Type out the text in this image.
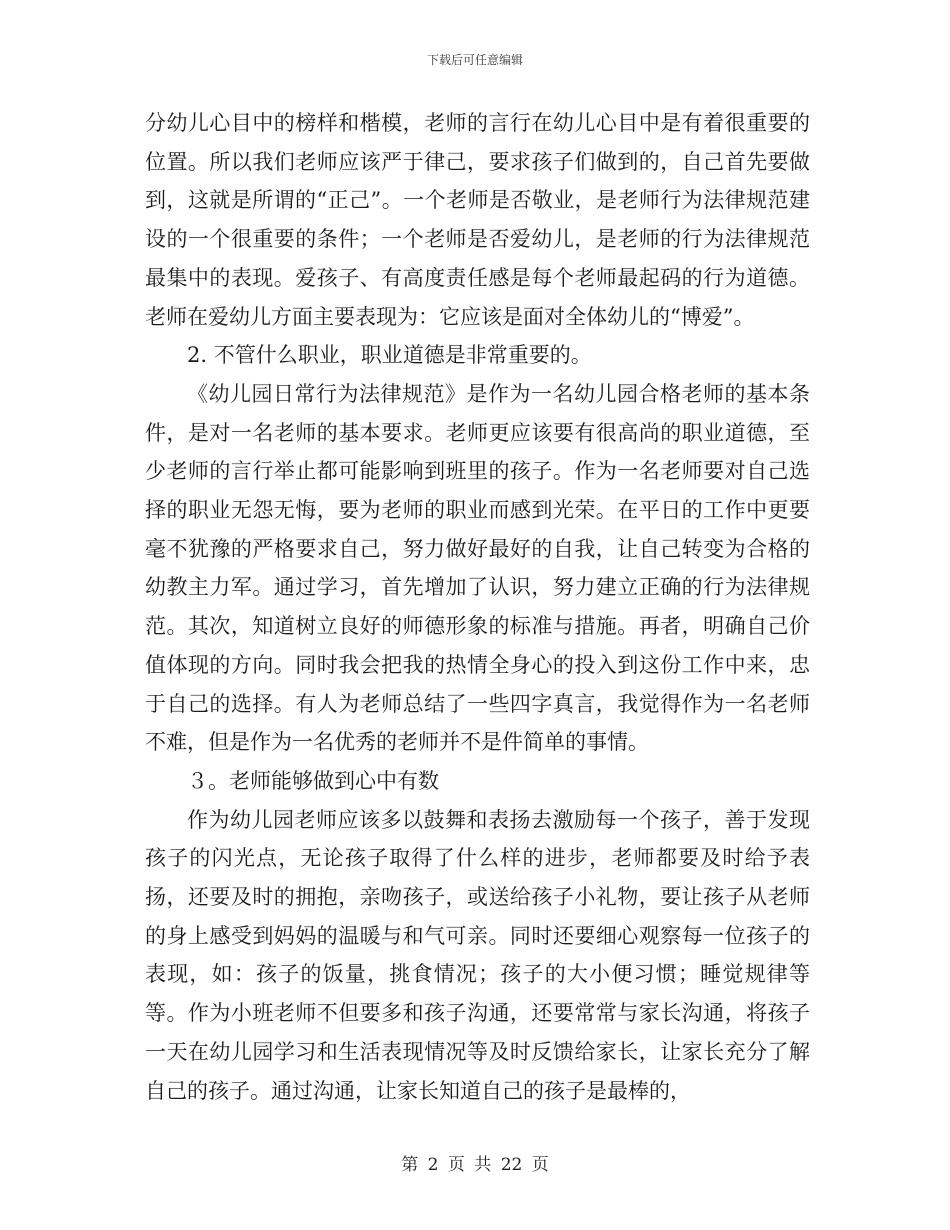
下载后可任意编辑

分幼儿心目中的榜样和楷模，老师的言行在幼儿心目中是有着很重要的位置。所以我们老师应该严于律己，要求孩子们做到的，自己首先要做到，这就是所谓的“正己”。一个老师是否敬业，是老师行为法律规范建设的一个很重要的条件；一个老师是否爱幼儿，是老师的行为法律规范最集中的表现。爱孩子、有高度责任感是每个老师最起码的行为道德。老师在爱幼儿方面主要表现为：它应该是面对全体幼儿的“博爱”。

2. 不管什么职业，职业道德是非常重要的。

《幼儿园日常行为法律规范》是作为一名幼儿园合格老师的基本条件，是对一名老师的基本要求。老师更应该要有很高尚的职业道德，至少老师的言行举止都可能影响到班里的孩子。作为一名老师要对自己选择的职业无怨无悔，要为老师的职业而感到光荣。在平日的工作中更要毫不犹豫的严格要求自己，努力做好最好的自我，让自己转变为合格的幼教主力军。通过学习，首先增加了认识，努力建立正确的行为法律规范。其次，知道树立良好的师德形象的标准与措施。再者，明确自己价值体现的方向。同时我会把我的热情全身心的投入到这份工作中来，忠于自己的选择。有人为老师总结了一些四字真言，我觉得作为一名老师不难，但是作为一名优秀的老师并不是件简单的事情。

３。老师能够做到心中有数

作为幼儿园老师应该多以鼓舞和表扬去激励每一个孩子，善于发现孩子的闪光点，无论孩子取得了什么样的进步，老师都要及时给予表扬，还要及时的拥抱，亲吻孩子，或送给孩子小礼物，要让孩子从老师的身上感受到妈妈的温暖与和气可亲。同时还要细心观察每一位孩子的表现，如：孩子的饭量，挑食情况；孩子的大小便习惯；睡觉规律等等。作为小班老师不但要多和孩子沟通，还要常常与家长沟通，将孩子一天在幼儿园学习和生活表现情况等及时反馈给家长，让家长充分了解自己的孩子。通过沟通，让家长知道自己的孩子是最棒的，

第 2 页 共 22 页
